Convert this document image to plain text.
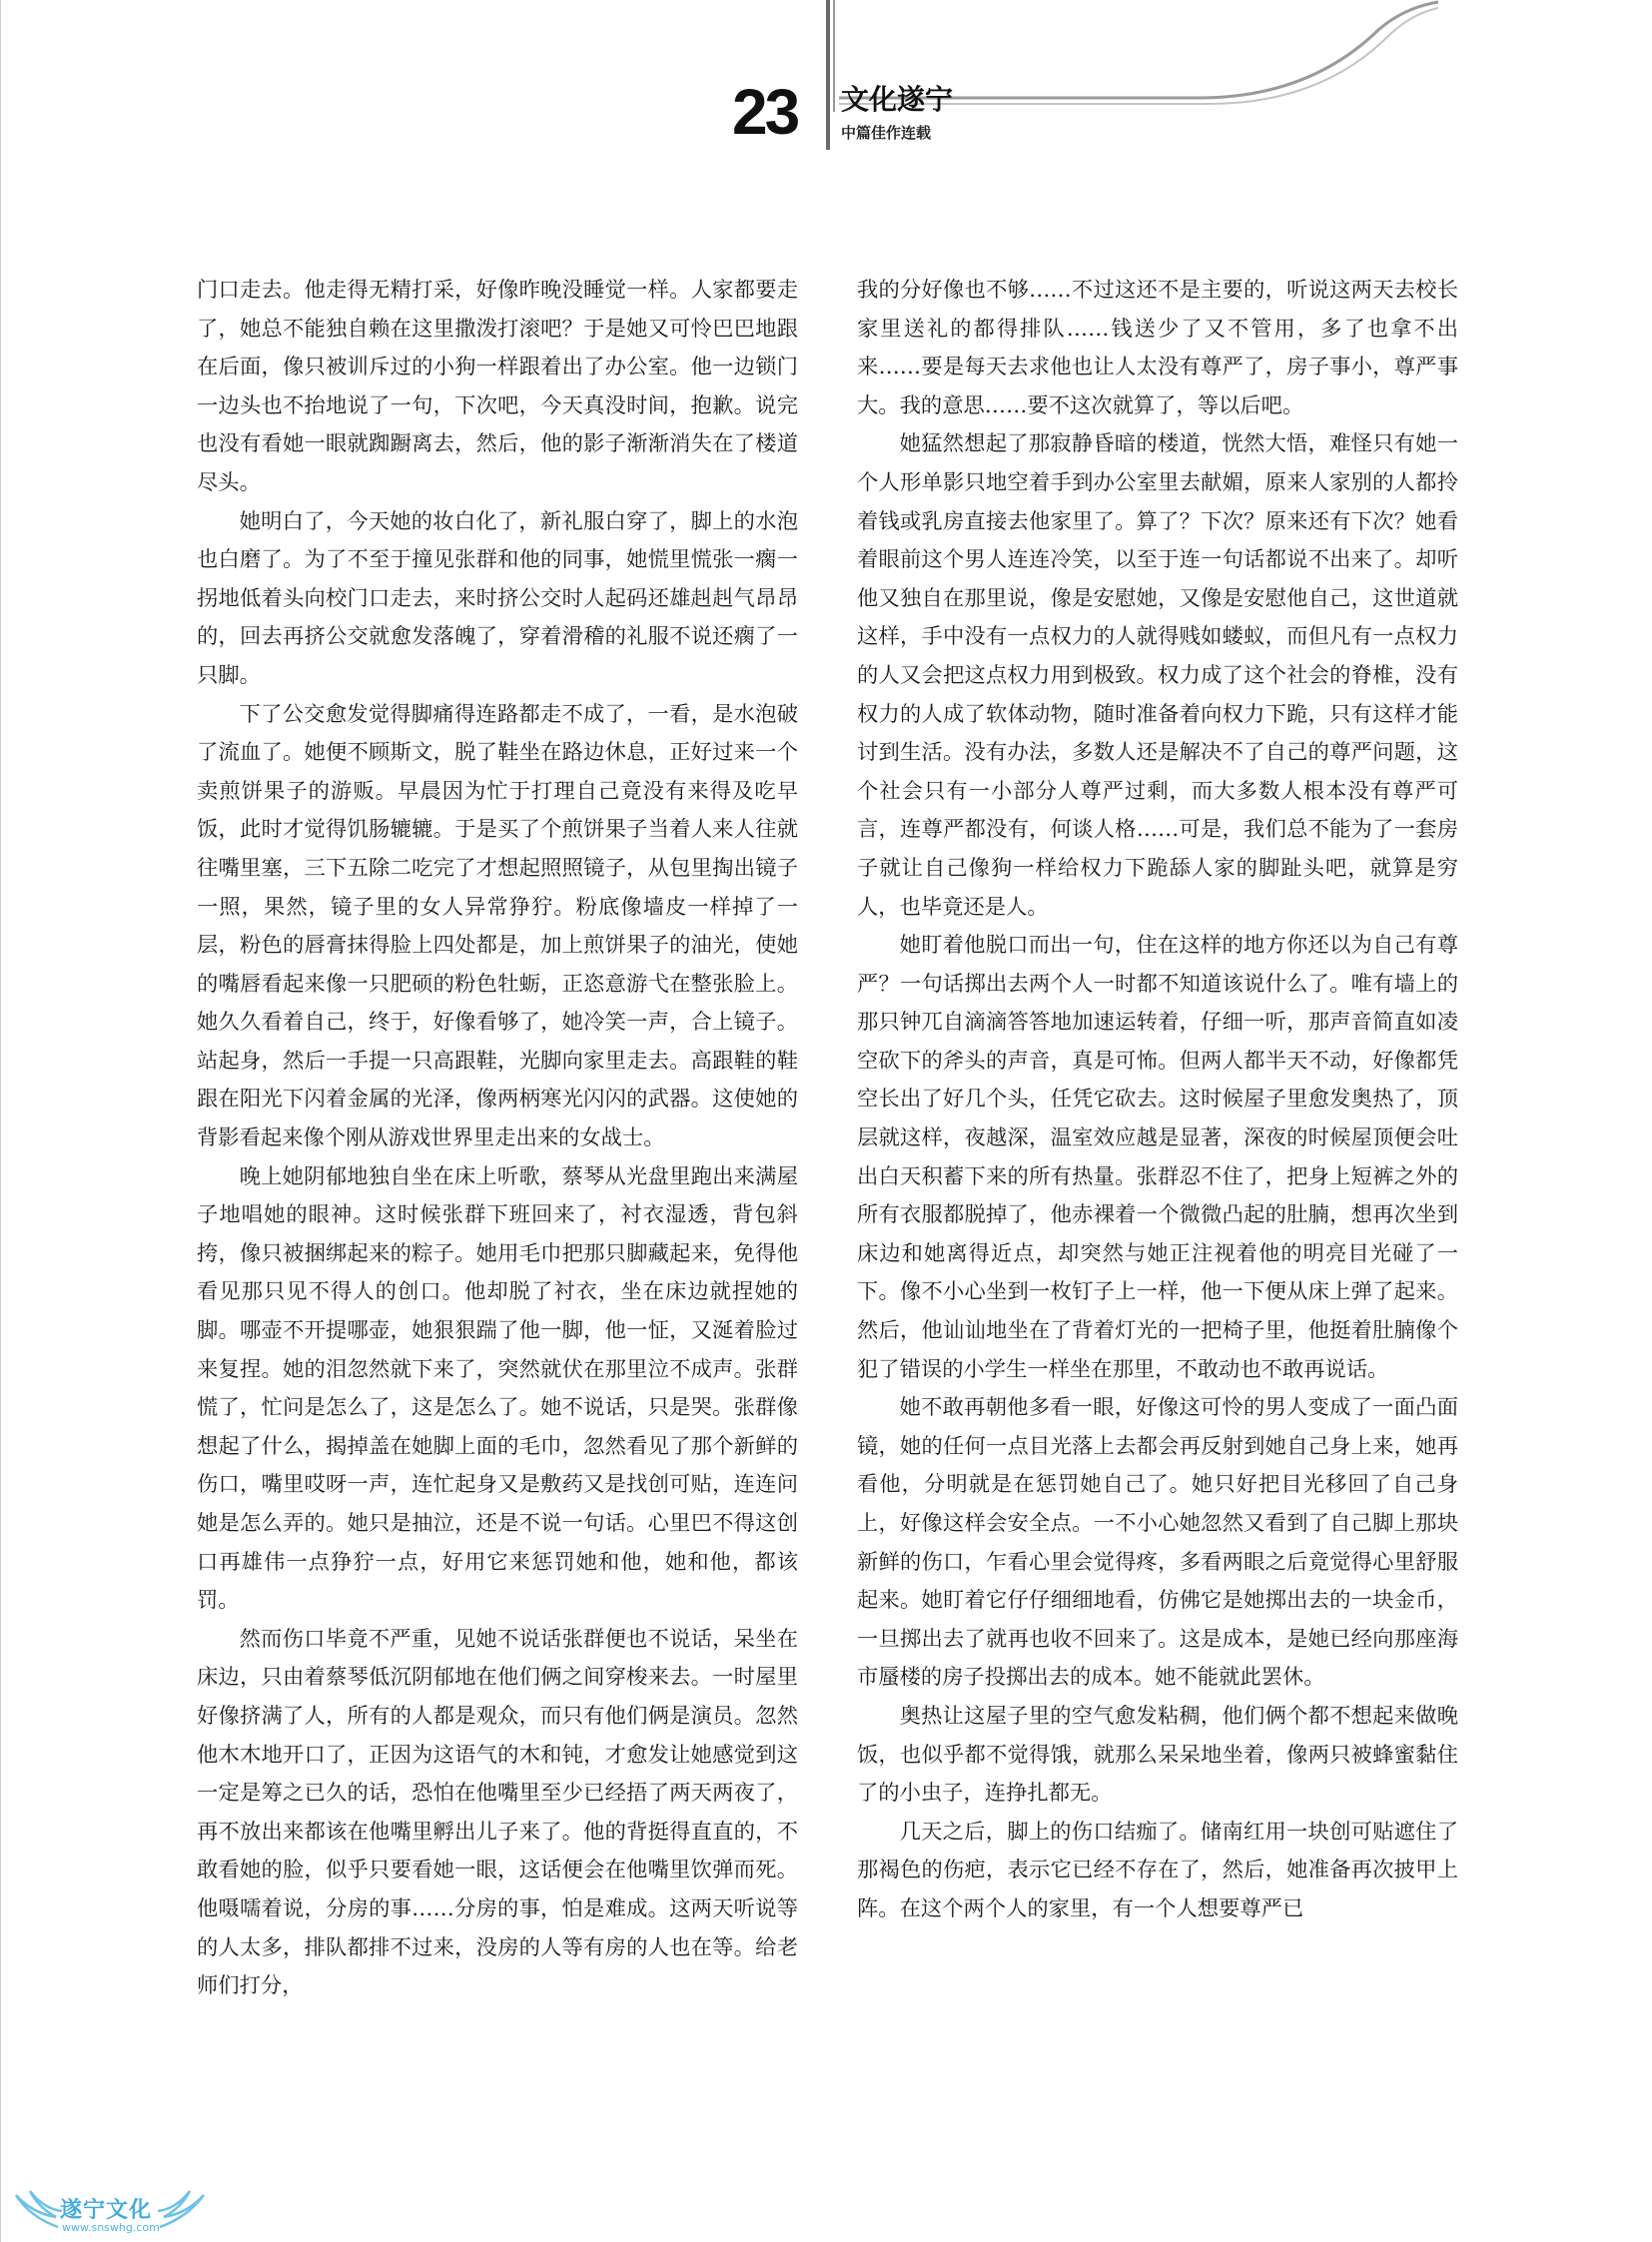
23	文化遂宁
中篇佳作连载

门口走去。他走得无精打采，好像昨晚没睡觉一样。人家都要走了，她总不能独自赖在这里撒泼打滚吧？于是她又可怜巴巴地跟在后面，像只被训斥过的小狗一样跟着出了办公室。他一边锁门一边头也不抬地说了一句，下次吧，今天真没时间，抱歉。说完也没有看她一眼就踟蹰离去，然后，他的影子渐渐消失在了楼道尽头。

她明白了，今天她的妆白化了，新礼服白穿了，脚上的水泡也白磨了。为了不至于撞见张群和他的同事，她慌里慌张一瘸一拐地低着头向校门口走去，来时挤公交时人起码还雄赳赳气昂昂的，回去再挤公交就愈发落魄了，穿着滑稽的礼服不说还瘸了一只脚。

下了公交愈发觉得脚痛得连路都走不成了，一看，是水泡破了流血了。她便不顾斯文，脱了鞋坐在路边休息，正好过来一个卖煎饼果子的游贩。早晨因为忙于打理自己竟没有来得及吃早饭，此时才觉得饥肠辘辘。于是买了个煎饼果子当着人来人往就往嘴里塞，三下五除二吃完了才想起照照镜子，从包里掏出镜子一照，果然，镜子里的女人异常狰狞。粉底像墙皮一样掉了一层，粉色的唇膏抹得脸上四处都是，加上煎饼果子的油光，使她的嘴唇看起来像一只肥硕的粉色牡蛎，正恣意游弋在整张脸上。她久久看着自己，终于，好像看够了，她冷笑一声，合上镜子。站起身，然后一手提一只高跟鞋，光脚向家里走去。高跟鞋的鞋跟在阳光下闪着金属的光泽，像两柄寒光闪闪的武器。这使她的背影看起来像个刚从游戏世界里走出来的女战士。

晚上她阴郁地独自坐在床上听歌，蔡琴从光盘里跑出来满屋子地唱她的眼神。这时候张群下班回来了，衬衣湿透，背包斜挎，像只被捆绑起来的粽子。她用毛巾把那只脚藏起来，免得他看见那只见不得人的创口。他却脱了衬衣，坐在床边就捏她的脚。哪壶不开提哪壶，她狠狠踹了他一脚，他一怔，又涎着脸过来复捏。她的泪忽然就下来了，突然就伏在那里泣不成声。张群慌了，忙问是怎么了，这是怎么了。她不说话，只是哭。张群像想起了什么，揭掉盖在她脚上面的毛巾，忽然看见了那个新鲜的伤口，嘴里哎呀一声，连忙起身又是敷药又是找创可贴，连连问她是怎么弄的。她只是抽泣，还是不说一句话。心里巴不得这创口再雄伟一点狰狞一点，好用它来惩罚她和他，她和他，都该罚。

然而伤口毕竟不严重，见她不说话张群便也不说话，呆坐在床边，只由着蔡琴低沉阴郁地在他们俩之间穿梭来去。一时屋里好像挤满了人，所有的人都是观众，而只有他们俩是演员。忽然他木木地开口了，正因为这语气的木和钝，才愈发让她感觉到这一定是筹之已久的话，恐怕在他嘴里至少已经捂了两天两夜了，再不放出来都该在他嘴里孵出儿子来了。他的背挺得直直的，不敢看她的脸，似乎只要看她一眼，这话便会在他嘴里饮弹而死。他嗫嚅着说，分房的事……分房的事，怕是难成。这两天听说等的人太多，排队都排不过来，没房的人等有房的人也在等。给老师们打分，

我的分好像也不够……不过这还不是主要的，听说这两天去校长家里送礼的都得排队……钱送少了又不管用，多了也拿不出来……要是每天去求他也让人太没有尊严了，房子事小，尊严事大。我的意思……要不这次就算了，等以后吧。

她猛然想起了那寂静昏暗的楼道，恍然大悟，难怪只有她一个人形单影只地空着手到办公室里去献媚，原来人家别的人都拎着钱或乳房直接去他家里了。算了？下次？原来还有下次？她看着眼前这个男人连连冷笑，以至于连一句话都说不出来了。却听他又独自在那里说，像是安慰她，又像是安慰他自己，这世道就这样，手中没有一点权力的人就得贱如蝼蚁，而但凡有一点权力的人又会把这点权力用到极致。权力成了这个社会的脊椎，没有权力的人成了软体动物，随时准备着向权力下跪，只有这样才能讨到生活。没有办法，多数人还是解决不了自己的尊严问题，这个社会只有一小部分人尊严过剩，而大多数人根本没有尊严可言，连尊严都没有，何谈人格……可是，我们总不能为了一套房子就让自己像狗一样给权力下跪舔人家的脚趾头吧，就算是穷人，也毕竟还是人。

她盯着他脱口而出一句，住在这样的地方你还以为自己有尊严？一句话掷出去两个人一时都不知道该说什么了。唯有墙上的那只钟兀自滴滴答答地加速运转着，仔细一听，那声音简直如凌空砍下的斧头的声音，真是可怖。但两人都半天不动，好像都凭空长出了好几个头，任凭它砍去。这时候屋子里愈发奥热了，顶层就这样，夜越深，温室效应越是显著，深夜的时候屋顶便会吐出白天积蓄下来的所有热量。张群忍不住了，把身上短裤之外的所有衣服都脱掉了，他赤裸着一个微微凸起的肚腩，想再次坐到床边和她离得近点，却突然与她正注视着他的明亮目光碰了一下。像不小心坐到一枚钉子上一样，他一下便从床上弹了起来。然后，他讪讪地坐在了背着灯光的一把椅子里，他挺着肚腩像个犯了错误的小学生一样坐在那里，不敢动也不敢再说话。

她不敢再朝他多看一眼，好像这可怜的男人变成了一面凸面镜，她的任何一点目光落上去都会再反射到她自己身上来，她再看他，分明就是在惩罚她自己了。她只好把目光移回了自己身上，好像这样会安全点。一不小心她忽然又看到了自己脚上那块新鲜的伤口，乍看心里会觉得疼，多看两眼之后竟觉得心里舒服起来。她盯着它仔仔细细地看，仿佛它是她掷出去的一块金币，一旦掷出去了就再也收不回来了。这是成本，是她已经向那座海市蜃楼的房子投掷出去的成本。她不能就此罢休。

奥热让这屋子里的空气愈发粘稠，他们俩个都不想起来做晚饭，也似乎都不觉得饿，就那么呆呆地坐着，像两只被蜂蜜黏住了的小虫子，连挣扎都无。

几天之后，脚上的伤口结痂了。储南红用一块创可贴遮住了那褐色的伤疤，表示它已经不存在了，然后，她准备再次披甲上阵。在这个两个人的家里，有一个人想要尊严已

遂宁文化
www.snswhg.com
